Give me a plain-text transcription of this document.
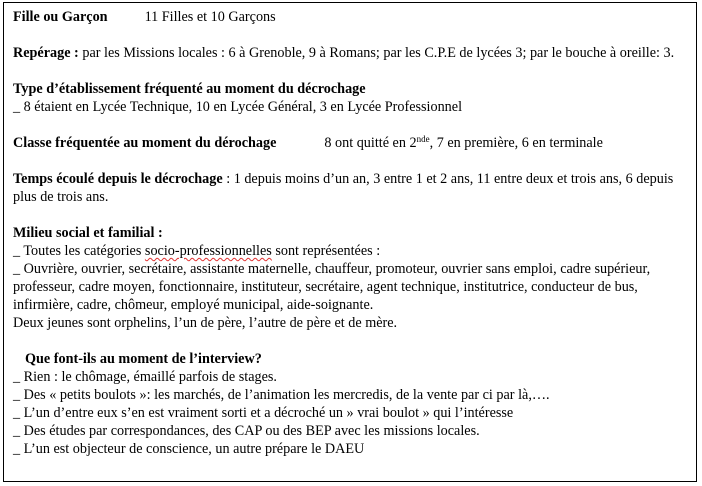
Fille ou Garçon	11 Filles et 10 Garçons

Repérage : par les Missions locales : 6 à Grenoble, 9 à Romans; par les C.P.E de lycées 3; par le bouche à oreille: 3.

Type d’établissement fréquenté au moment du décrochage

_ 8 étaient en Lycée Technique, 10 en Lycée Général, 3 en Lycée Professionnel

Classe fréquentée au moment du dérochage	8 ont quitté en 2nde, 7 en première, 6 en terminale

Temps écoulé depuis le décrochage : 1 depuis moins d’un an, 3 entre 1 et 2 ans, 11 entre deux et trois ans, 6 depuis plus de trois ans.

Milieu social et familial :

_ Toutes les catégories socio-professionnelles sont représentées :

_ Ouvrière, ouvrier, secrétaire, assistante maternelle, chauffeur, promoteur, ouvrier sans emploi, cadre supérieur, professeur, cadre moyen, fonctionnaire, instituteur, secrétaire, agent technique, institutrice, conducteur de bus, infirmière, cadre, chômeur, employé municipal, aide-soignante.

Deux jeunes sont orphelins, l’un de père, l’autre de père et de mère.

Que font-ils au moment de l’interview?

_ Rien : le chômage, émaillé parfois de stages.

_ Des « petits boulots »: les marchés, de l’animation les mercredis, de la vente par ci par là,….

_ L’un d’entre eux s’en est vraiment sorti et a décroché un » vrai boulot » qui l’intéresse

_ Des études par correspondances, des CAP ou des BEP avec les missions locales.

_ L’un est objecteur de conscience, un autre prépare le DAEU
